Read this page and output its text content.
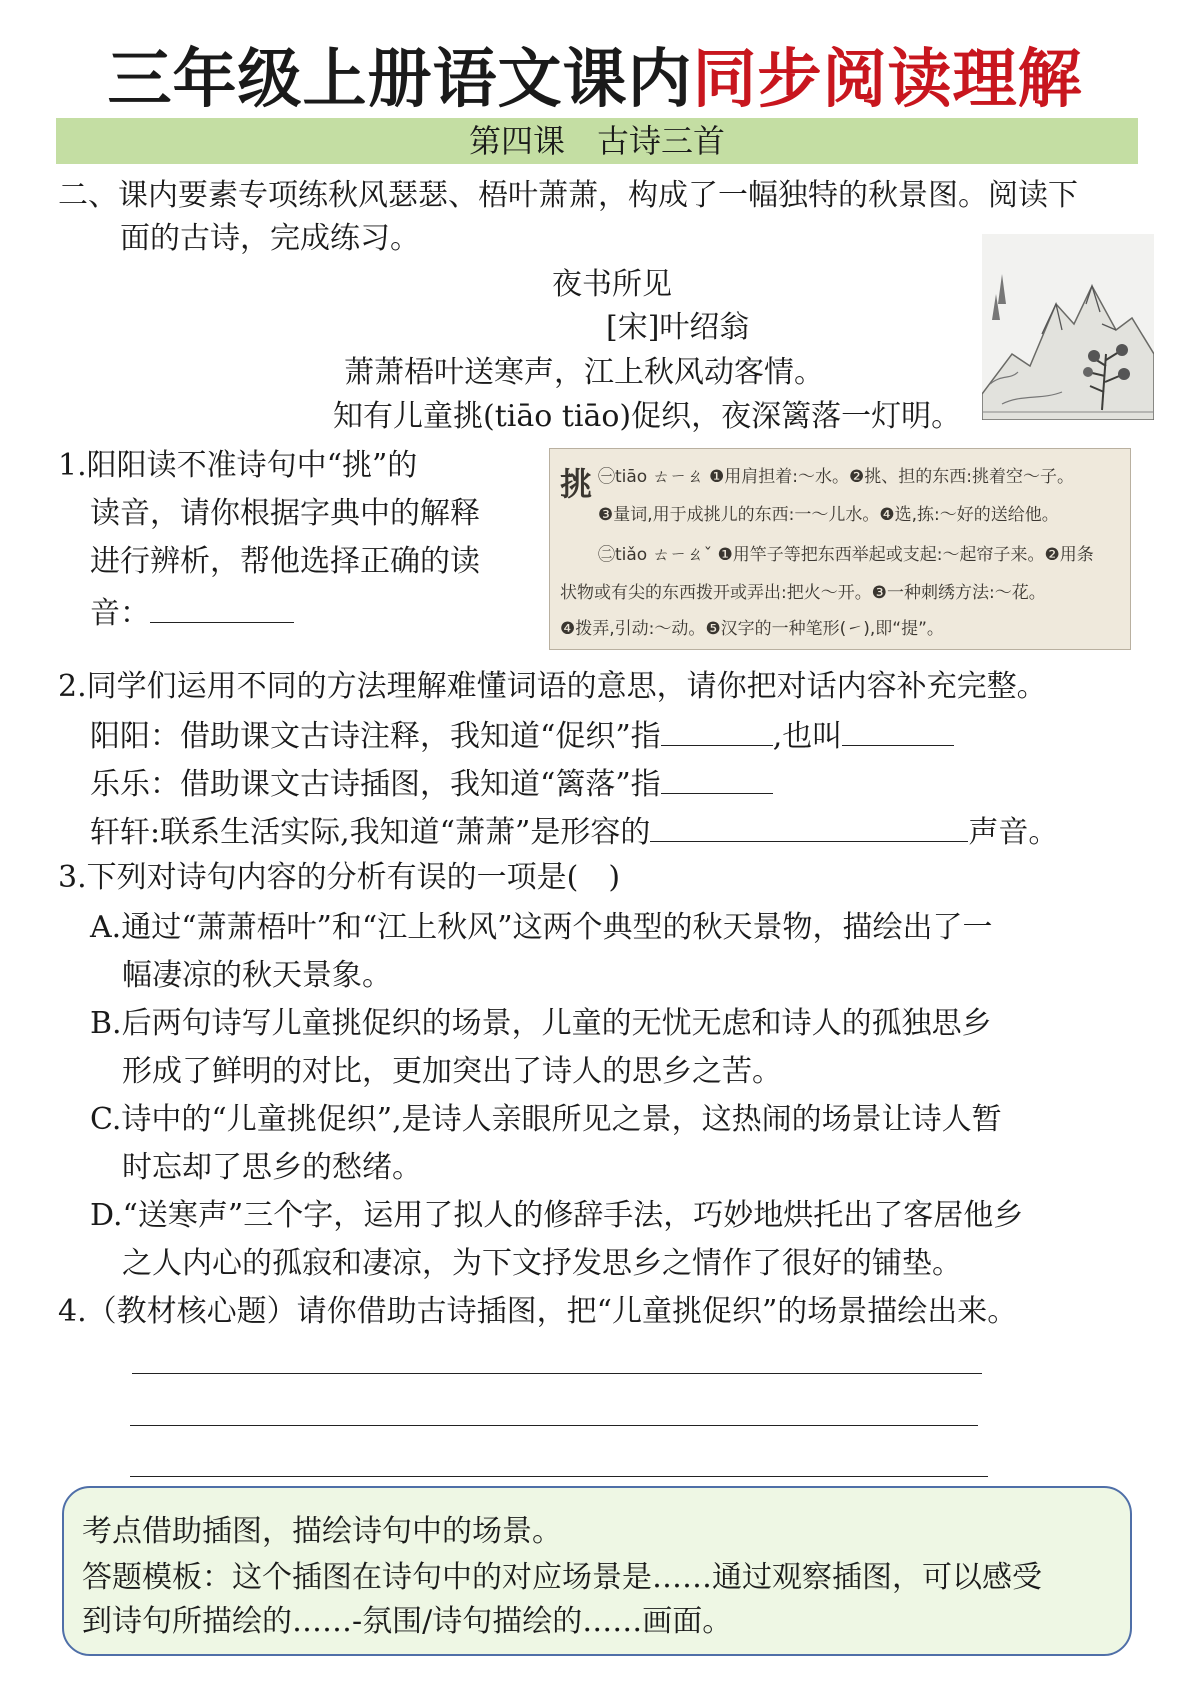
三年级上册语文课内同步阅读理解
第四课　古诗三首
二、课内要素专项练秋风瑟瑟、梧叶萧萧，构成了一幅独特的秋景图。阅读下
面的古诗，完成练习。
夜书所见
[宋]叶绍翁
萧萧梧叶送寒声，江上秋风动客情。
知有儿童挑(tiāo tiāo)促织，夜深篱落一灯明。
1.阳阳读不准诗句中“挑”的
读音，请你根据字典中的解释
进行辨析，帮他选择正确的读
音：
挑 ㊀tiāo ㄊㄧㄠ ❶用肩担着:～水。❷挑、担的东西:挑着空～子。
❸量词,用于成挑儿的东西:一～儿水。❹选,拣:～好的送给他。
㊁tiǎo ㄊㄧㄠˇ ❶用竿子等把东西举起或支起:～起帘子来。❷用条
状物或有尖的东西拨开或弄出:把火～开。❸一种刺绣方法:～花。
❹拨弄,引动:～动。❺汉字的一种笔形(㇀),即“提”。
2.同学们运用不同的方法理解难懂词语的意思，请你把对话内容补充完整。
阳阳：借助课文古诗注释，我知道“促织”指	,也叫
乐乐：借助课文古诗插图，我知道“篱落”指
轩轩:联系生活实际,我知道“萧萧”是形容的	声音。
3.下列对诗句内容的分析有误的一项是(　)
A.通过“萧萧梧叶”和“江上秋风”这两个典型的秋天景物，描绘出了一
幅凄凉的秋天景象。
B.后两句诗写儿童挑促织的场景，儿童的无忧无虑和诗人的孤独思乡
形成了鲜明的对比，更加突出了诗人的思乡之苦。
C.诗中的“儿童挑促织”,是诗人亲眼所见之景，这热闹的场景让诗人暂
时忘却了思乡的愁绪。
D.“送寒声”三个字，运用了拟人的修辞手法，巧妙地烘托出了客居他乡
之人内心的孤寂和凄凉，为下文抒发思乡之情作了很好的铺垫。
4.（教材核心题）请你借助古诗插图，把“儿童挑促织”的场景描绘出来。
考点借助插图，描绘诗句中的场景。
答题模板：这个插图在诗句中的对应场景是……通过观察插图，可以感受
到诗句所描绘的……-氛围/诗句描绘的……画面。
